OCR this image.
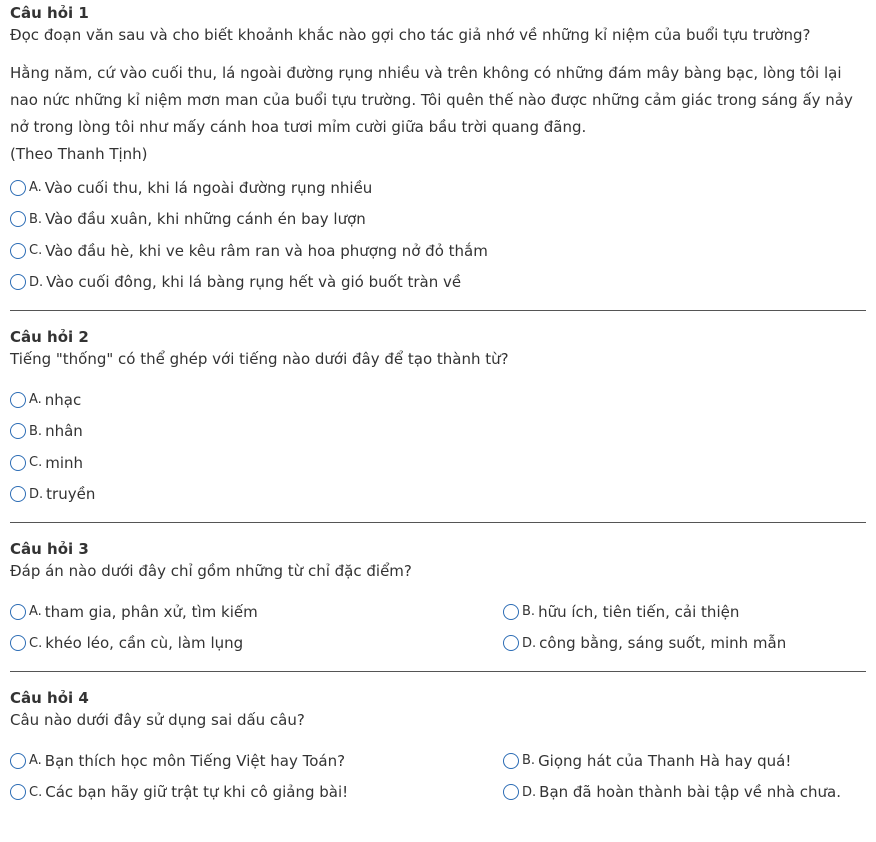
Câu hỏi 1

Đọc đoạn văn sau và cho biết khoảnh khắc nào gợi cho tác giả nhớ về những kỉ niệm của buổi tựu trường?

Hằng năm, cứ vào cuối thu, lá ngoài đường rụng nhiều và trên không có những đám mây bàng bạc, lòng tôi lại nao nức những kỉ niệm mơn man của buổi tựu trường. Tôi quên thế nào được những cảm giác trong sáng ấy nảy nở trong lòng tôi như mấy cánh hoa tươi mỉm cười giữa bầu trời quang đãng.

(Theo Thanh Tịnh)

A. Vào cuối thu, khi lá ngoài đường rụng nhiều
B. Vào đầu xuân, khi những cánh én bay lượn
C. Vào đầu hè, khi ve kêu râm ran và hoa phượng nở đỏ thắm
D. Vào cuối đông, khi lá bàng rụng hết và gió buốt tràn về

Câu hỏi 2

Tiếng "thống" có thể ghép với tiếng nào dưới đây để tạo thành từ?

A. nhạc
B. nhân
C. minh
D. truyền

Câu hỏi 3

Đáp án nào dưới đây chỉ gồm những từ chỉ đặc điểm?

A. tham gia, phân xử, tìm kiếm	B. hữu ích, tiên tiến, cải thiện
C. khéo léo, cần cù, làm lụng	D. công bằng, sáng suốt, minh mẫn

Câu hỏi 4

Câu nào dưới đây sử dụng sai dấu câu?

A. Bạn thích học môn Tiếng Việt hay Toán?	B. Giọng hát của Thanh Hà hay quá!
C. Các bạn hãy giữ trật tự khi cô giảng bài!	D. Bạn đã hoàn thành bài tập về nhà chưa.
